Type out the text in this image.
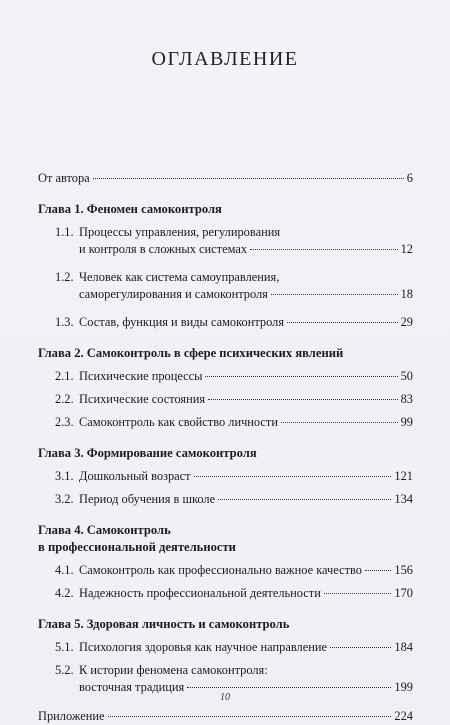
ОГЛАВЛЕНИЕ
От автора	6
Глава 1. Феномен самоконтроля
1.1. Процессы управления, регулирования
и контроля в сложных системах	12
1.2. Человек как система самоуправления,
саморегулирования и самоконтроля	18
1.3. Состав, функция и виды самоконтроля	29
Глава 2. Самоконтроль в сфере психических явлений
2.1. Психические процессы	50
2.2. Психические состояния	83
2.3. Самоконтроль как свойство личности	99
Глава 3. Формирование самоконтроля
3.1. Дошкольный возраст	121
3.2. Период обучения в школе	134
Глава 4. Самоконтроль
в профессиональной деятельности
4.1. Самоконтроль как профессионально важное качество	156
4.2. Надежность профессиональной деятельности	170
Глава 5. Здоровая личность и самоконтроль
5.1. Психология здоровья как научное направление	184
5.2. К истории феномена самоконтроля:
восточная традиция	199
Приложение	224
10
